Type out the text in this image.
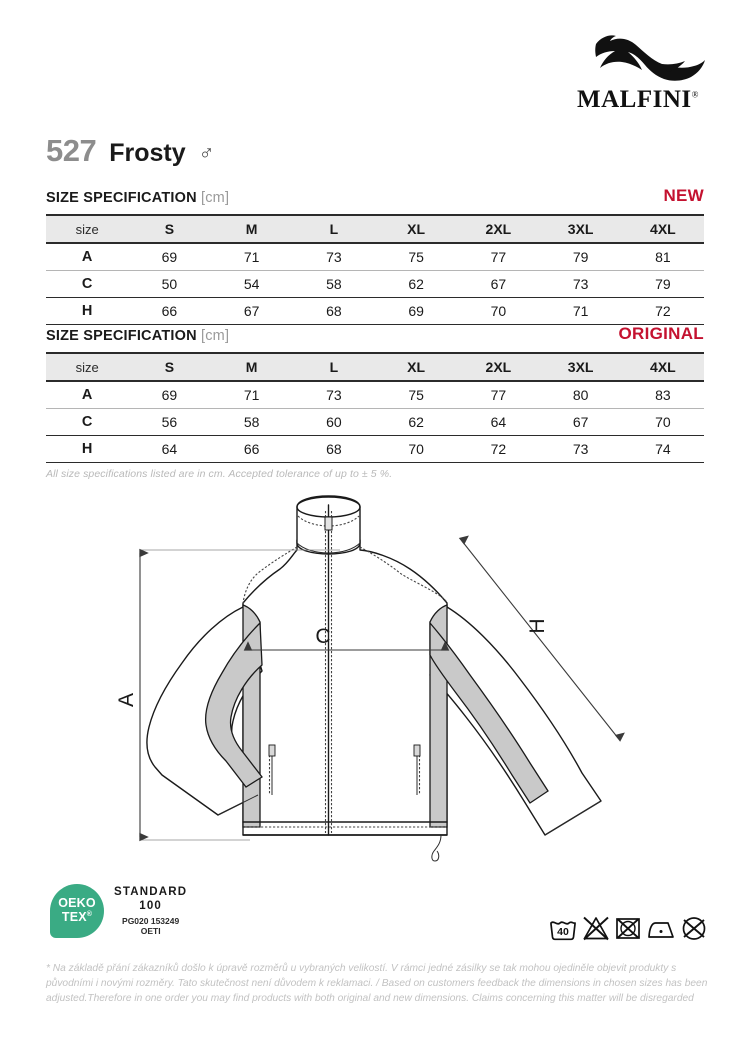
MALFINI®
527 Frosty ♂
SIZE SPECIFICATION [cm]	NEW
size	S	M	L	XL	2XL	3XL	4XL
A	69	71	73	75	77	79	81
C	50	54	58	62	67	73	79
H	66	67	68	69	70	71	72
SIZE SPECIFICATION [cm]	ORIGINAL
size	S	M	L	XL	2XL	3XL	4XL
A	69	71	73	75	77	80	83
C	56	58	60	62	64	67	70
H	64	66	68	70	72	73	74
All size specifications listed are in cm. Accepted tolerance of up to ± 5 %.
A
C	H
OEKO
TEX®
STANDARD
100
PG020 153249
OETI	40
* Na základě přání zákazníků došlo k úpravě rozměrů u vybraných velikostí. V rámci jedné zásilky se tak mohou ojediněle objevit produkty s původními i novými rozměry. Tato skutečnost není důvodem k reklamaci. / Based on customers feedback the dimensions in chosen sizes has been adjusted.Therefore in one order you may find products with both original and new dimensions. Claims concerning this matter will be disregarded
